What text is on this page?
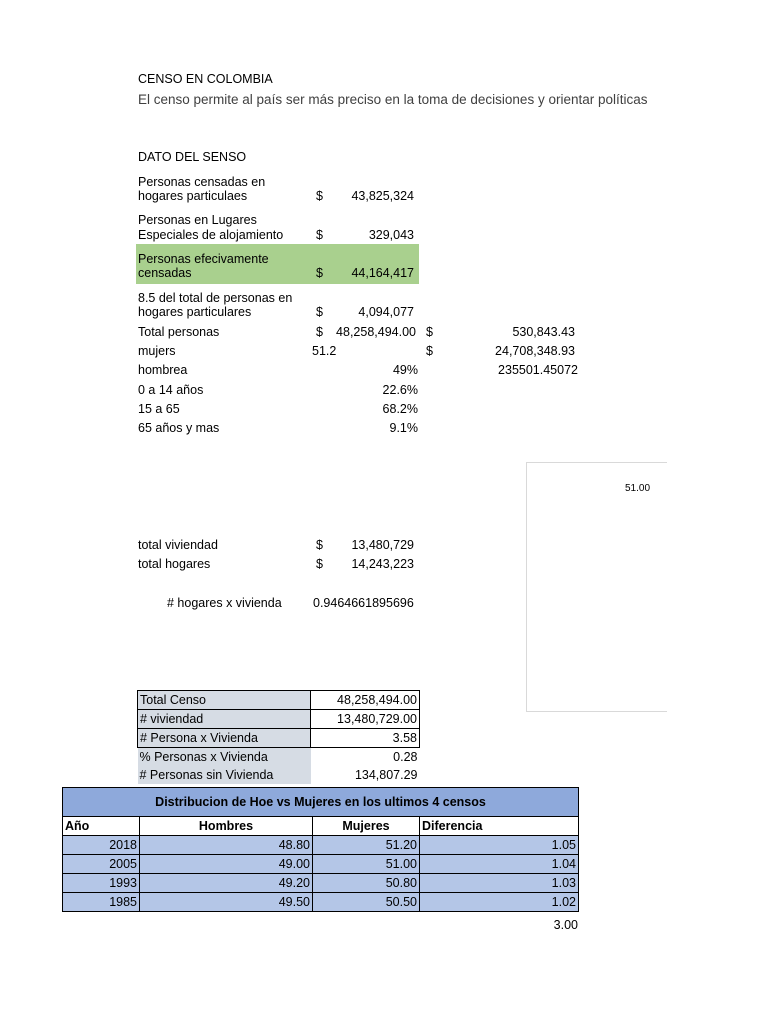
CENSO EN COLOMBIA
El censo permite al país ser más preciso en la toma de decisiones y orientar políticas
DATO DEL SENSO
Personas censadas en
hogares particulaes	$	43,825,324
Personas en Lugares
Especiales de alojamiento	$	329,043
Personas efecivamente
censadas	$	44,164,417
8.5 del total de personas en
hogares particulares	$	4,094,077
Total personas	$	48,258,494.00 $	530,843.43
mujers	51.2	$	24,708,348.93
hombrea	49%	235501.45072
0 a 14 años	22.6%
15 a 65	68.2%
65 años y mas	9.1%
51.00
total viviendad	$	13,480,729
total hogares	$	14,243,223
# hogares x vivienda	0.9464661895696
Total Censo	48,258,494.00
# viviendad	13,480,729.00
# Persona x Vivienda	3.58
% Personas x Vivienda	0.28
# Personas sin Vivienda	134,807.29
Distribucion de Hoe vs Mujeres en los ultimos 4 censos			
Año	Hombres	Mujeres	Diferencia
2018	48.80	51.20	1.05
2005	49.00	51.00	1.04
1993	49.20	50.80	1.03
1985	49.50	50.50	1.02
3.00
